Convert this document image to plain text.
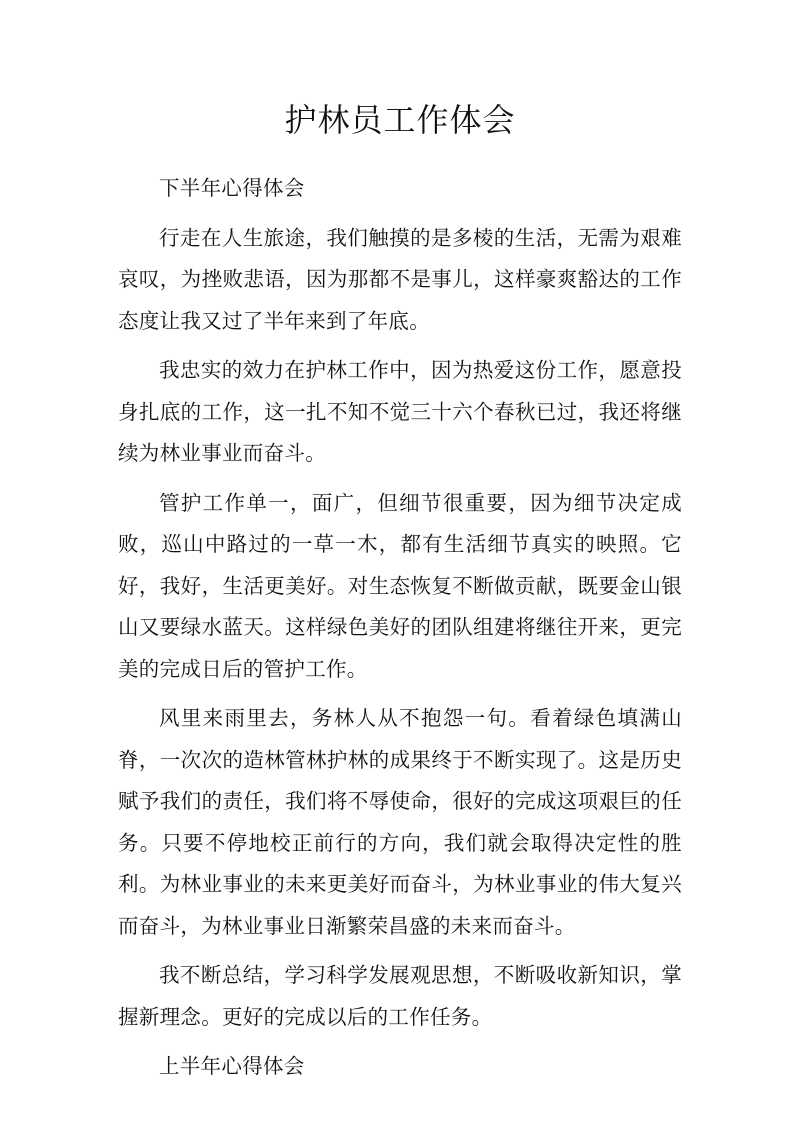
护林员工作体会

下半年心得体会

行走在人生旅途，我们触摸的是多棱的生活，无需为艰难哀叹，为挫败悲语，因为那都不是事儿，这样豪爽豁达的工作态度让我又过了半年来到了年底。

我忠实的效力在护林工作中，因为热爱这份工作，愿意投身扎底的工作，这一扎不知不觉三十六个春秋已过，我还将继续为林业事业而奋斗。

管护工作单一，面广，但细节很重要，因为细节决定成败，巡山中路过的一草一木，都有生活细节真实的映照。它好，我好，生活更美好。对生态恢复不断做贡献，既要金山银山又要绿水蓝天。这样绿色美好的团队组建将继往开来，更完美的完成日后的管护工作。

风里来雨里去，务林人从不抱怨一句。看着绿色填满山脊，一次次的造林管林护林的成果终于不断实现了。这是历史赋予我们的责任，我们将不辱使命，很好的完成这项艰巨的任务。只要不停地校正前行的方向，我们就会取得决定性的胜利。为林业事业的未来更美好而奋斗，为林业事业的伟大复兴而奋斗，为林业事业日渐繁荣昌盛的未来而奋斗。

我不断总结，学习科学发展观思想，不断吸收新知识，掌握新理念。更好的完成以后的工作任务。

上半年心得体会
